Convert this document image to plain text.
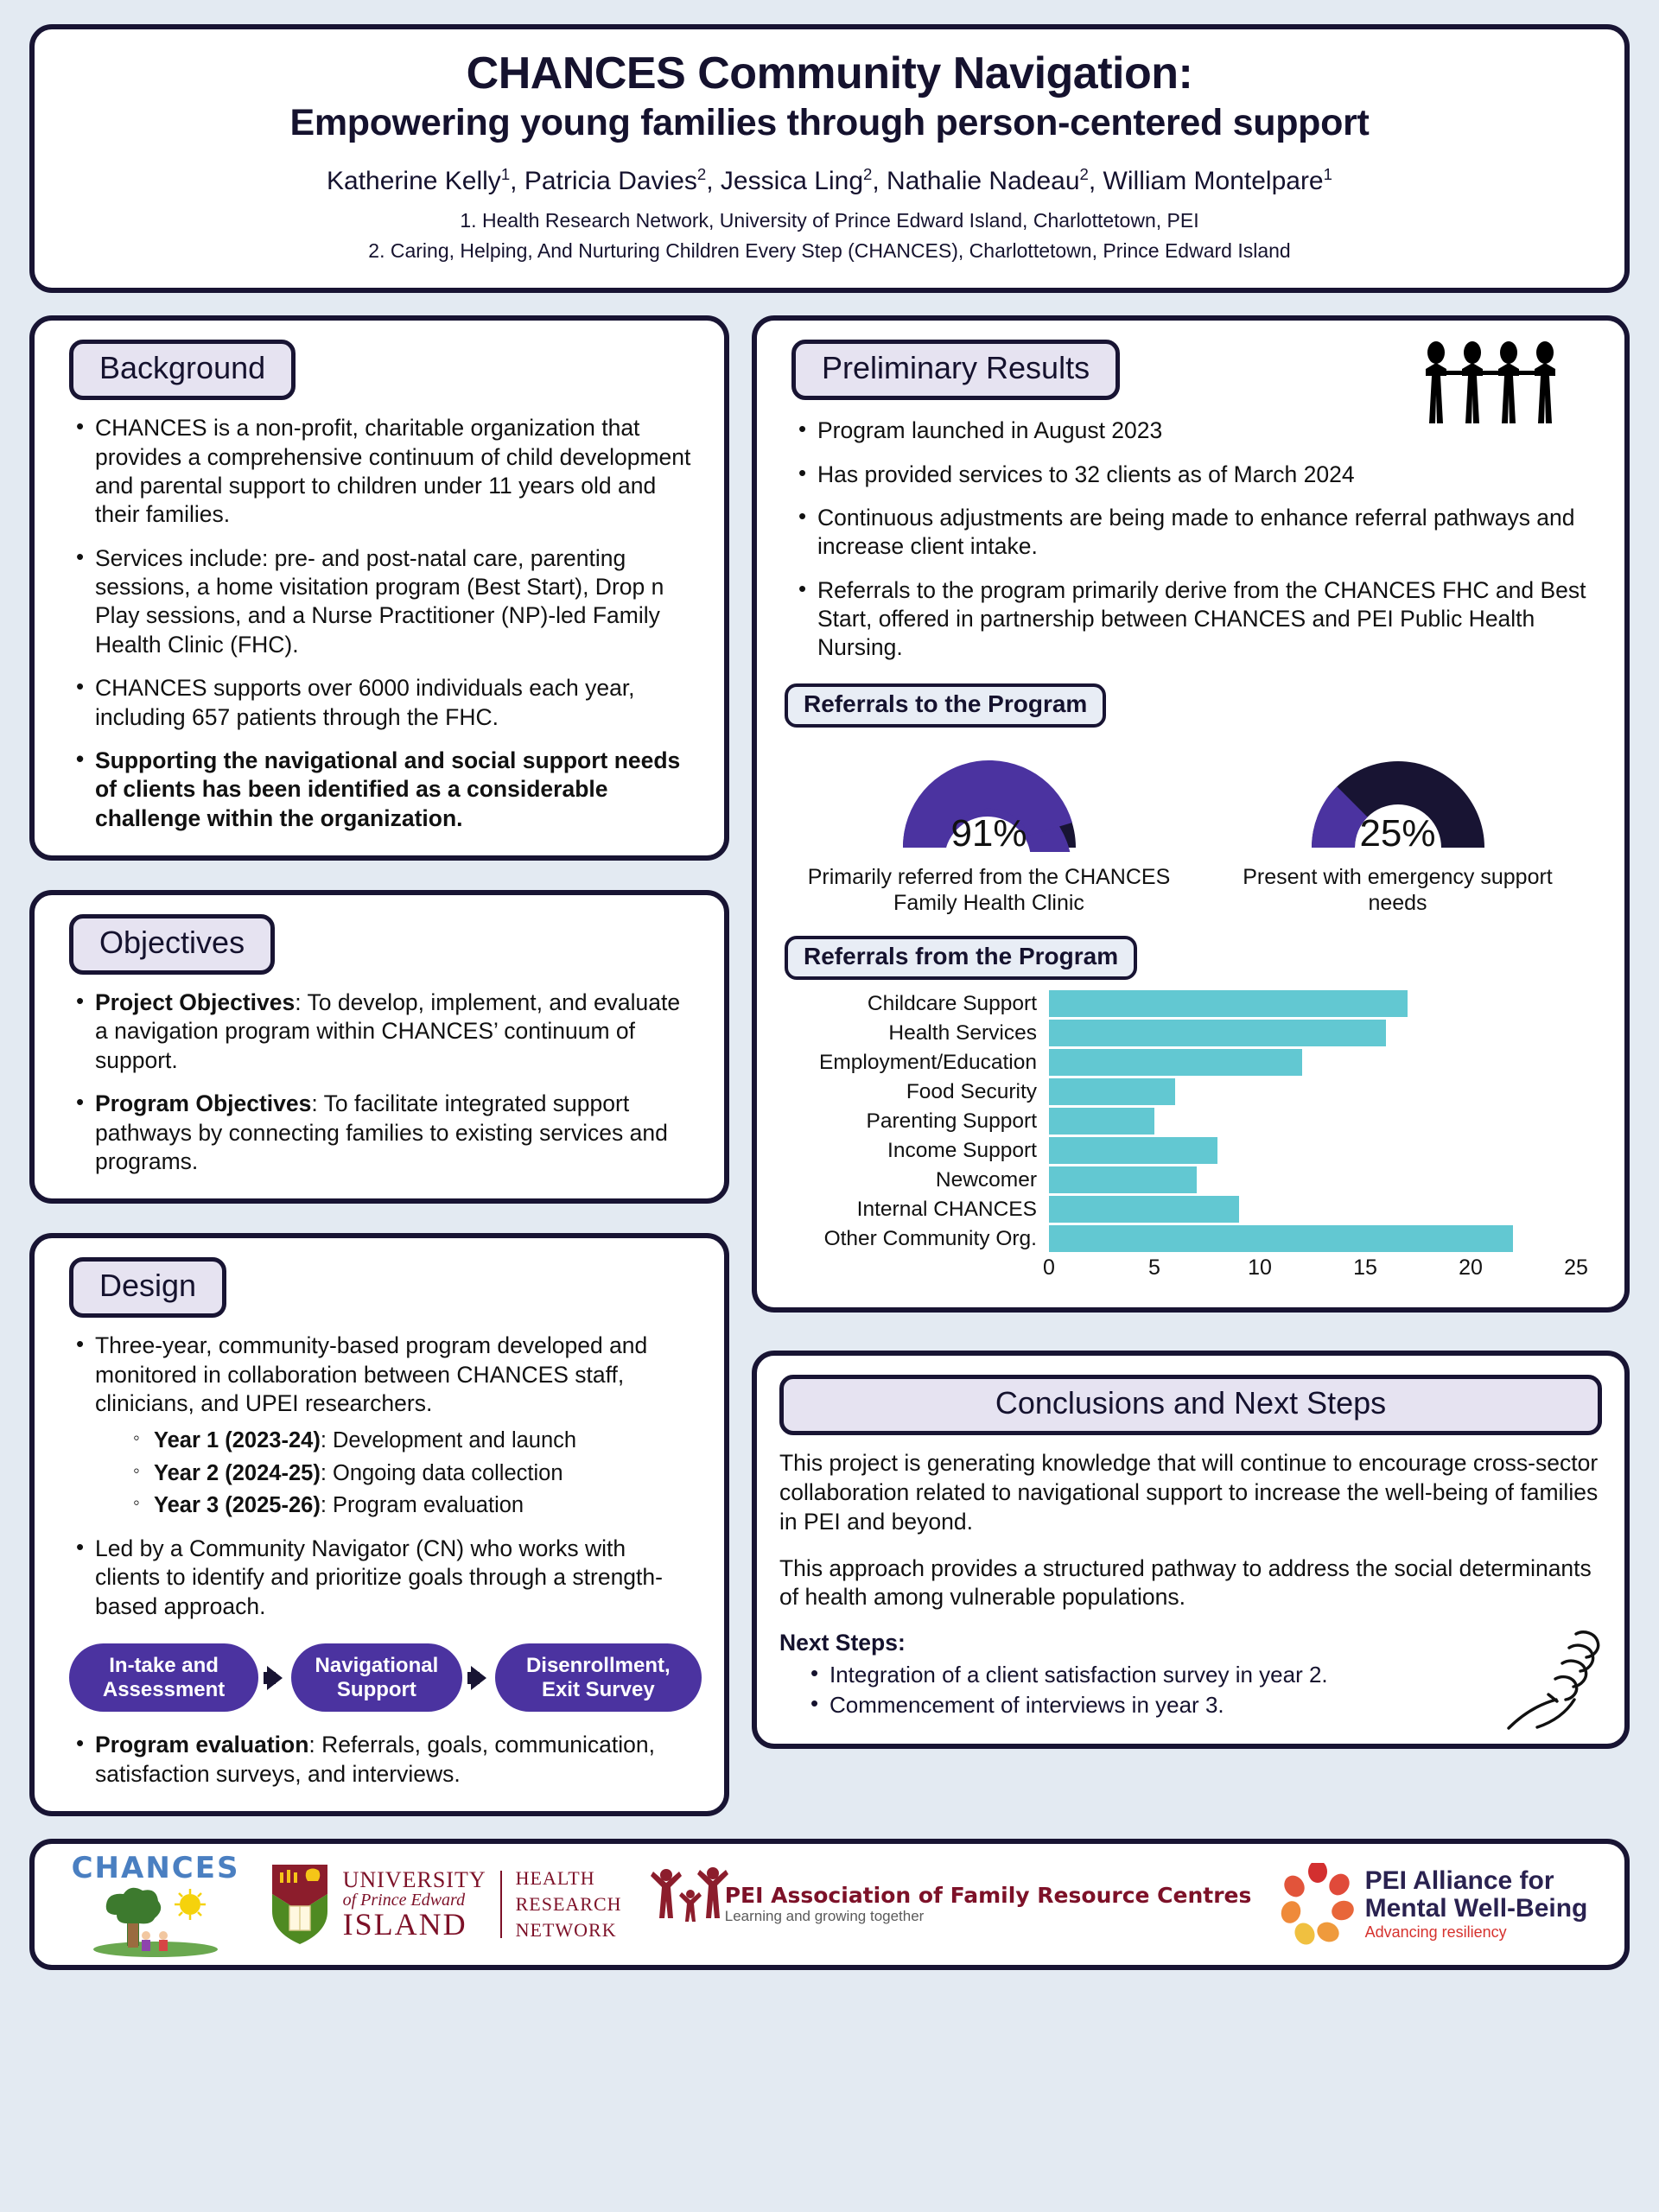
CHANCES Community Navigation:
Empowering young families through person-centered support
Katherine Kelly$^1$, Patricia Davies$^2$, Jessica Ling$^2$, Nathalie Nadeau$^2$, William Montelpare$^1$
1. Health Research Network, University of Prince Edward Island, Charlottetown, PEI
2. Caring, Helping, And Nurturing Children Every Step (CHANCES), Charlottetown, Prince Edward Island
Background
• CHANCES is a non-profit, charitable organization that provides a comprehensive continuum of child development and parental support to children under 11 years old and their families.
• Services include: pre- and post-natal care, parenting sessions, a home visitation program (Best Start), Drop n Play sessions, and a Nurse Practitioner (NP)-led Family Health Clinic (FHC).
• CHANCES supports over 6000 individuals each year, including 657 patients through the FHC.
• Supporting the navigational and social support needs of clients has been identified as a considerable challenge within the organization.
Objectives
• Project Objectives: To develop, implement, and evaluate a navigation program within CHANCES’ continuum of support.
• Program Objectives: To facilitate integrated support pathways by connecting families to existing services and programs.
Design
• Three-year, community-based program developed and monitored in collaboration between CHANCES staff, clinicians, and UPEI researchers.
◦ Year 1 (2023-24): Development and launch
◦ Year 2 (2024-25): Ongoing data collection
◦ Year 3 (2025-26): Program evaluation
• Led by a Community Navigator (CN) who works with clients to identify and prioritize goals through a strength-based approach.
In-take and Assessment
Navigational Support
Disenrollment, Exit Survey
• Program evaluation: Referrals, goals, communication, satisfaction surveys, and interviews.
Preliminary Results
• Program launched in August 2023
• Has provided services to 32 clients as of March 2024
• Continuous adjustments are being made to enhance referral pathways and increase client intake.
• Referrals to the program primarily derive from the CHANCES FHC and Best Start, offered in partnership between CHANCES and PEI Public Health Nursing.
Referrals to the Program
91%
Primarily referred from the CHANCES Family Health Clinic
25%
Present with emergency support needs
Referrals from the Program
Childcare Support
Health Services
Employment/Education
Food Security
Parenting Support
Income Support
Newcomer
Internal CHANCES
Other Community Org.
0	5	10	15	20	25
Conclusions and Next Steps

This project is generating knowledge that will continue to encourage cross-sector collaboration related to navigational support to increase the well-being of families in PEI and beyond.

This approach provides a structured pathway to address the social determinants of health among vulnerable populations.

Next Steps:
• Integration of a client satisfaction survey in year 2.
• Commencement of interviews in year 3.
CHANCES	UNIVERSITY
of Prince Edward
ISLAND
HEALTH
RESEARCH
NETWORK
PEI Association of Family Resource Centres
Learning and growing together
PEI Alliance for
Mental Well-Being
Advancing resiliency
